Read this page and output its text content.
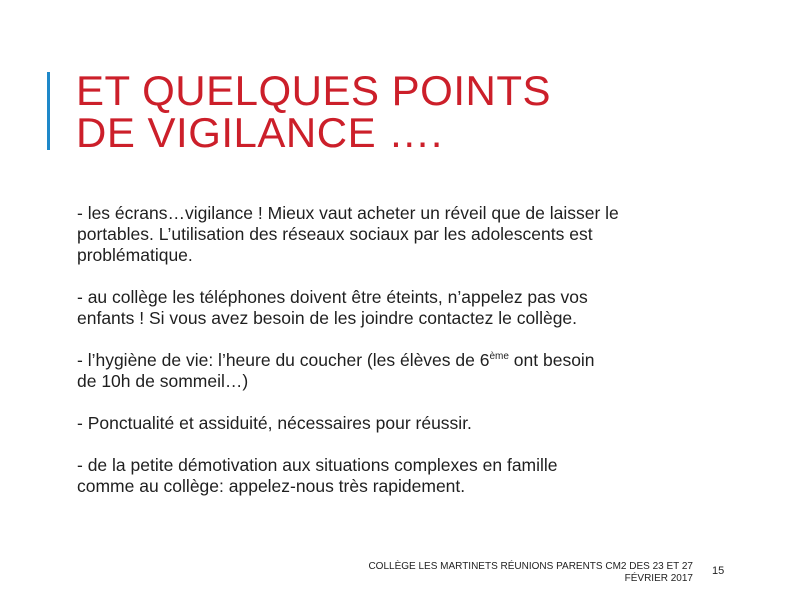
ET QUELQUES POINTS
DE VIGILANCE ….

- les écrans…vigilance ! Mieux vaut acheter un réveil que de laisser le
portables. L’utilisation des réseaux sociaux par les adolescents est
problématique.

- au collège les téléphones doivent être éteints, n’appelez pas vos
enfants ! Si vous avez besoin de les joindre contactez le collège.

- l’hygiène de vie: l’heure du coucher (les élèves de 6ème ont besoin
de 10h de sommeil…)

- Ponctualité et assiduité, nécessaires pour réussir.

- de la petite démotivation aux situations complexes en famille
comme au collège: appelez-nous très rapidement.

COLLÈGE LES MARTINETS RÉUNIONS PARENTS CM2 DES 23 ET 27
FÉVRIER 2017
15
